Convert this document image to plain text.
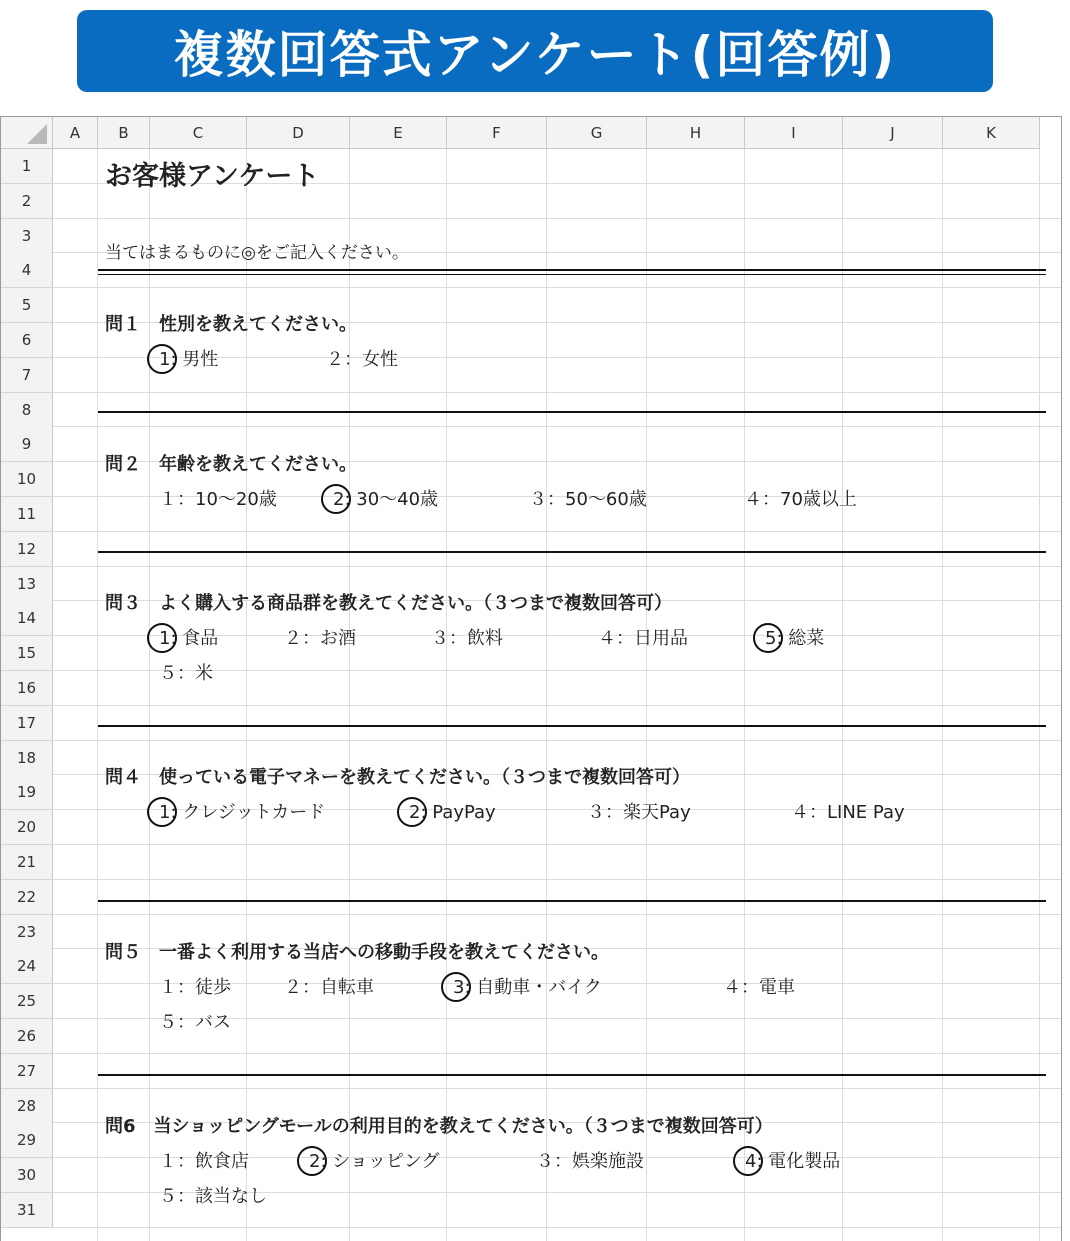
複数回答式アンケート(回答例)
A	B	C	D	E	F	G	H	I	J	K
1
2
3
4
5
6
7
8
9
10
11
12
13
14
15
16
17
18
19
20
21
22
23
24
25
26
27
28
29
30
31
お客様アンケート
当てはまるものに◎をご記入ください。
問１　性別を教えてください。
1: 男性	２：女性
問２　年齢を教えてください。
１：10〜20歳	2: 30〜40歳	３：50〜60歳	４：70歳以上
問３　よく購入する商品群を教えてください。（３つまで複数回答可）
1: 食品	２：お酒	３：飲料	４：日用品	5: 総菜
５：米
問４　使っている電子マネーを教えてください。（３つまで複数回答可）
1: クレジットカード	2: PayPay	３：楽天Pay	４：LINE Pay
問５　一番よく利用する当店への移動手段を教えてください。
１：徒歩	２：自転車	3: 自動車・バイク	４：電車
５：バス
問6　当ショッピングモールの利用目的を教えてください。（３つまで複数回答可）
１：飲食店	2: ショッピング	３：娯楽施設	4: 電化製品
５：該当なし
